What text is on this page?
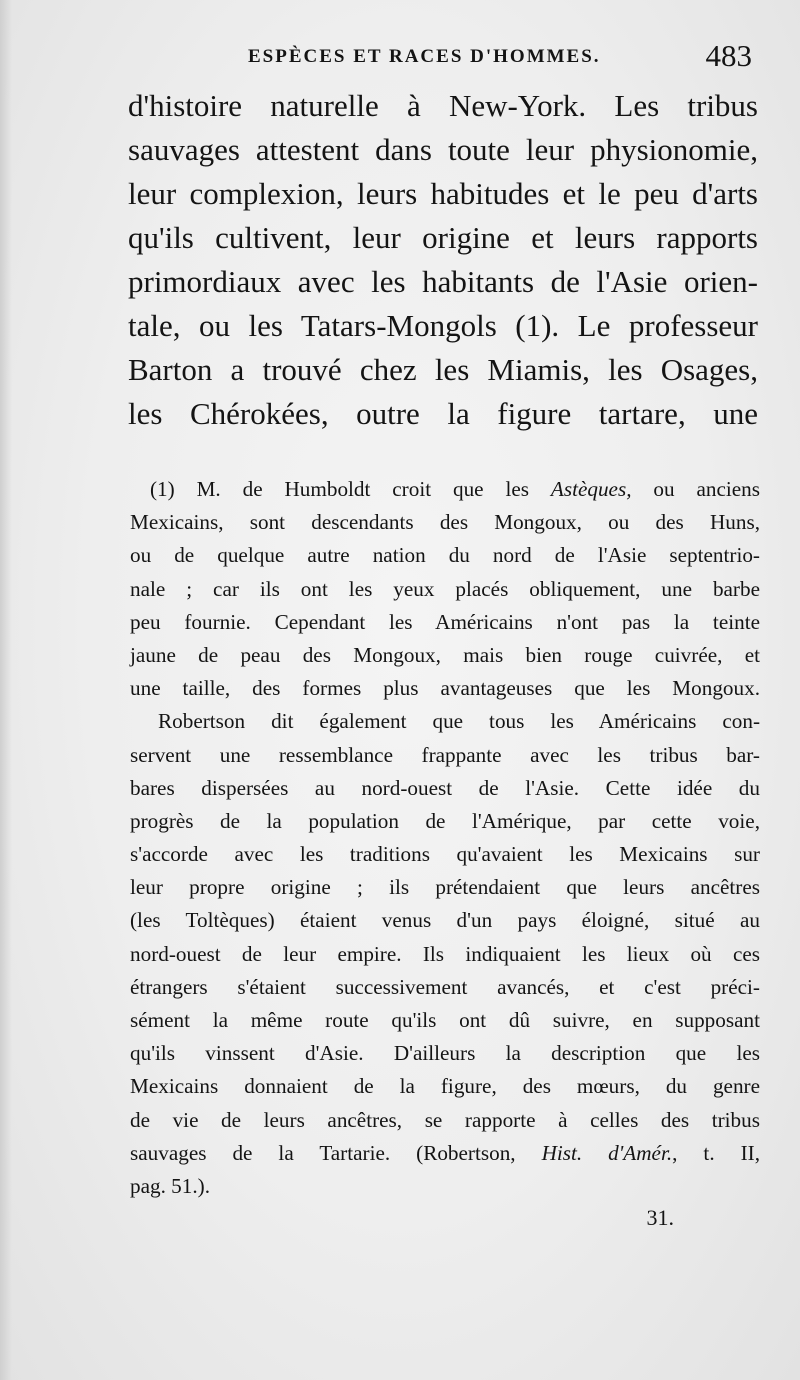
ESPÈCES ET RACES D'HOMMES.	483
d'histoire naturelle à New-York. Les tribus
sauvages attestent dans toute leur physionomie,
leur complexion, leurs habitudes et le peu d'arts
qu'ils cultivent, leur origine et leurs rapports
primordiaux avec les habitants de l'Asie orien-
tale, ou les Tatars-Mongols (1). Le professeur
Barton a trouvé chez les Miamis, les Osages,
les Chérokées, outre la figure tartare, une
(1) M. de Humboldt croit que les Astèques, ou anciens
Mexicains, sont descendants des Mongoux, ou des Huns,
ou de quelque autre nation du nord de l'Asie septentrio-
nale ; car ils ont les yeux placés obliquement, une barbe
peu fournie. Cependant les Américains n'ont pas la teinte
jaune de peau des Mongoux, mais bien rouge cuivrée, et
une taille, des formes plus avantageuses que les Mongoux.
Robertson dit également que tous les Américains con-
servent une ressemblance frappante avec les tribus bar-
bares dispersées au nord-ouest de l'Asie. Cette idée du
progrès de la population de l'Amérique, par cette voie,
s'accorde avec les traditions qu'avaient les Mexicains sur
leur propre origine ; ils prétendaient que leurs ancêtres
(les Toltèques) étaient venus d'un pays éloigné, situé au
nord-ouest de leur empire. Ils indiquaient les lieux où ces
étrangers s'étaient successivement avancés, et c'est préci-
sément la même route qu'ils ont dû suivre, en supposant
qu'ils vinssent d'Asie. D'ailleurs la description que les
Mexicains donnaient de la figure, des mœurs, du genre
de vie de leurs ancêtres, se rapporte à celles des tribus
sauvages de la Tartarie. (Robertson, Hist. d'Amér., t. II,
pag. 51.).
31.
